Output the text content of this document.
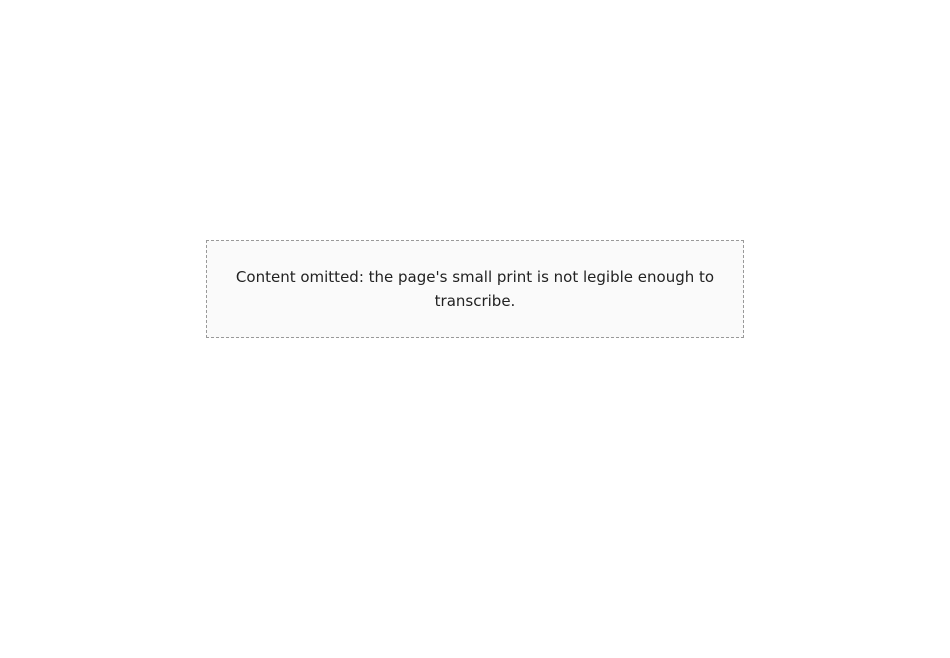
Content omitted: the page's small print is not legible enough to transcribe.
